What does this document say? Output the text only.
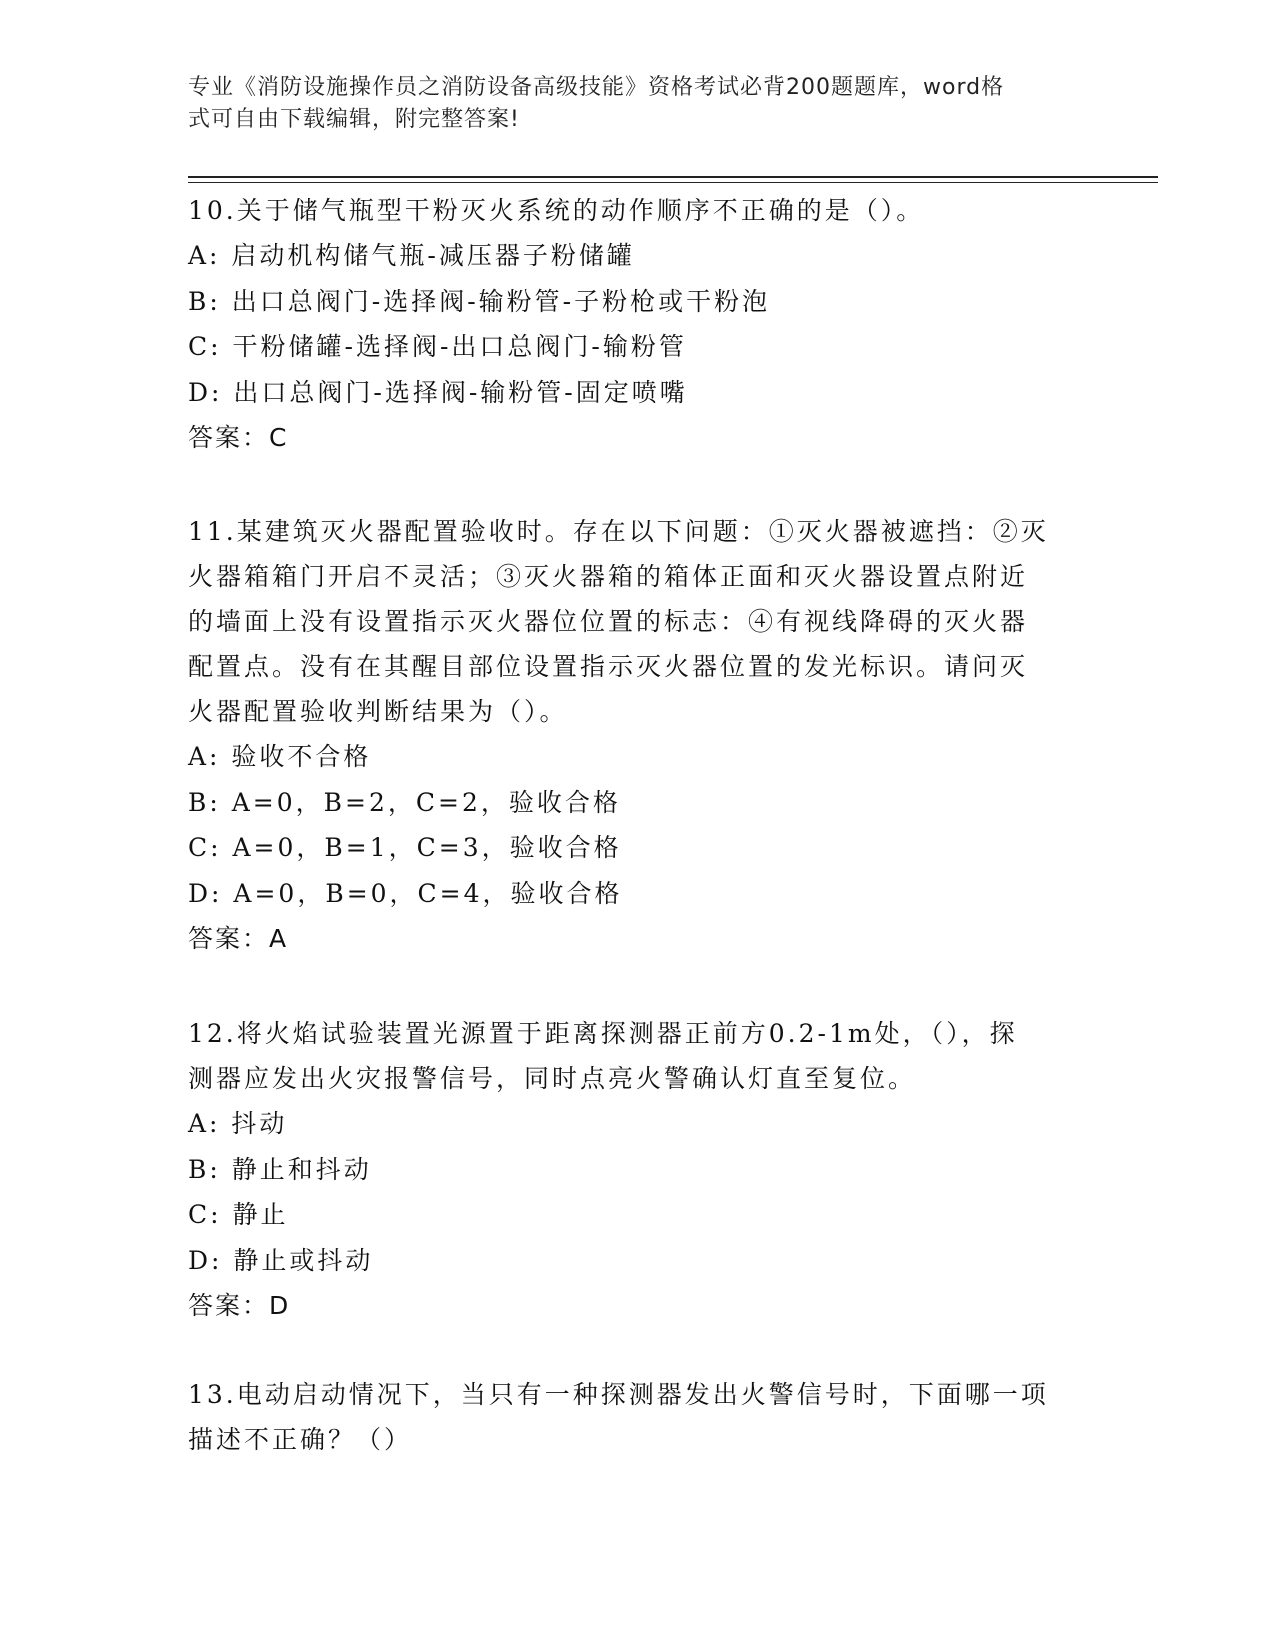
专业《消防设施操作员之消防设备高级技能》资格考试必背200题题库，word格
式可自由下载编辑，附完整答案!

10.关于储气瓶型干粉灭火系统的动作顺序不正确的是（）。

A: 启动机构储气瓶-减压器子粉储罐

B: 出口总阀门-选择阀-输粉管-子粉枪或干粉泡

C: 干粉储罐-选择阀-出口总阀门-输粉管

D: 出口总阀门-选择阀-输粉管-固定喷嘴

答案：C

11.某建筑灭火器配置验收时。存在以下问题：①灭火器被遮挡：②灭

火器箱箱门开启不灵活；③灭火器箱的箱体正面和灭火器设置点附近

的墙面上没有设置指示灭火器位位置的标志：④有视线降碍的灭火器

配置点。没有在其醒目部位设置指示灭火器位置的发光标识。请问灭

火器配置验收判断结果为（）。

A: 验收不合格

B: A=0，B=2，C=2，验收合格

C: A=0，B=1，C=3，验收合格

D: A=0，B=0，C=4，验收合格

答案：A

12.将火焰试验装置光源置于距离探测器正前方0.2-1m处，（），探

测器应发出火灾报警信号，同时点亮火警确认灯直至复位。

A: 抖动

B: 静止和抖动

C: 静止

D: 静止或抖动

答案：D

13.电动启动情况下，当只有一种探测器发出火警信号时，下面哪一项

描述不正确？（）
